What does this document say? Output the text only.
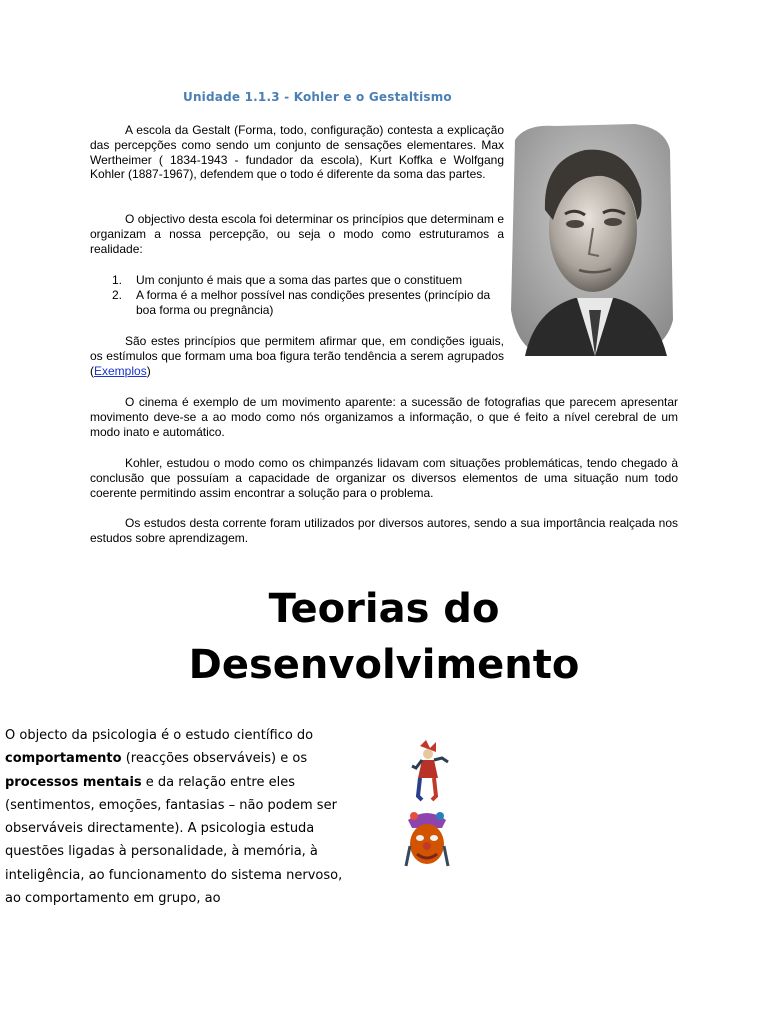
Unidade 1.1.3 - Kohler e o Gestaltismo

A escola da Gestalt (Forma, todo, configuração) contesta a explicação das percepções como sendo um conjunto de sensações elementares. Max Wertheimer ( 1834-1943 - fundador da escola), Kurt Koffka e Wolfgang Kohler (1887-1967), defendem que o todo é diferente da soma das partes.

O objectivo desta escola foi determinar os princípios que determinam e organizam a nossa percepção, ou seja o modo como estruturamos a realidade:

1. Um conjunto é mais que a soma das partes que o constituem
2. A forma é a melhor possível nas condições presentes (princípio da boa forma ou pregnância)

São estes princípios que permitem afirmar que, em condições iguais, os estímulos que formam uma boa figura terão tendência a serem agrupados (Exemplos)

O cinema é exemplo de um movimento aparente: a sucessão de fotografias que parecem apresentar movimento deve-se a ao modo como nós organizamos a informação, o que é feito a nível cerebral de um modo inato e automático.

Kohler, estudou o modo como os chimpanzés lidavam com situações problemáticas, tendo chegado à conclusão que possuíam a capacidade de organizar os diversos elementos de uma situação num todo coerente permitindo assim encontrar a solução para o problema.

Os estudos desta corrente foram utilizados por diversos autores, sendo a sua importância realçada nos estudos sobre aprendizagem.

Teorias do
Desenvolvimento
O objecto da psicologia é o estudo científico do comportamento (reacções observáveis) e os processos mentais e da relação entre eles (sentimentos, emoções, fantasias – não podem ser observáveis directamente). A psicologia estuda questões ligadas à personalidade, à memória, à inteligência, ao funcionamento do sistema nervoso, ao comportamento em grupo, ao
